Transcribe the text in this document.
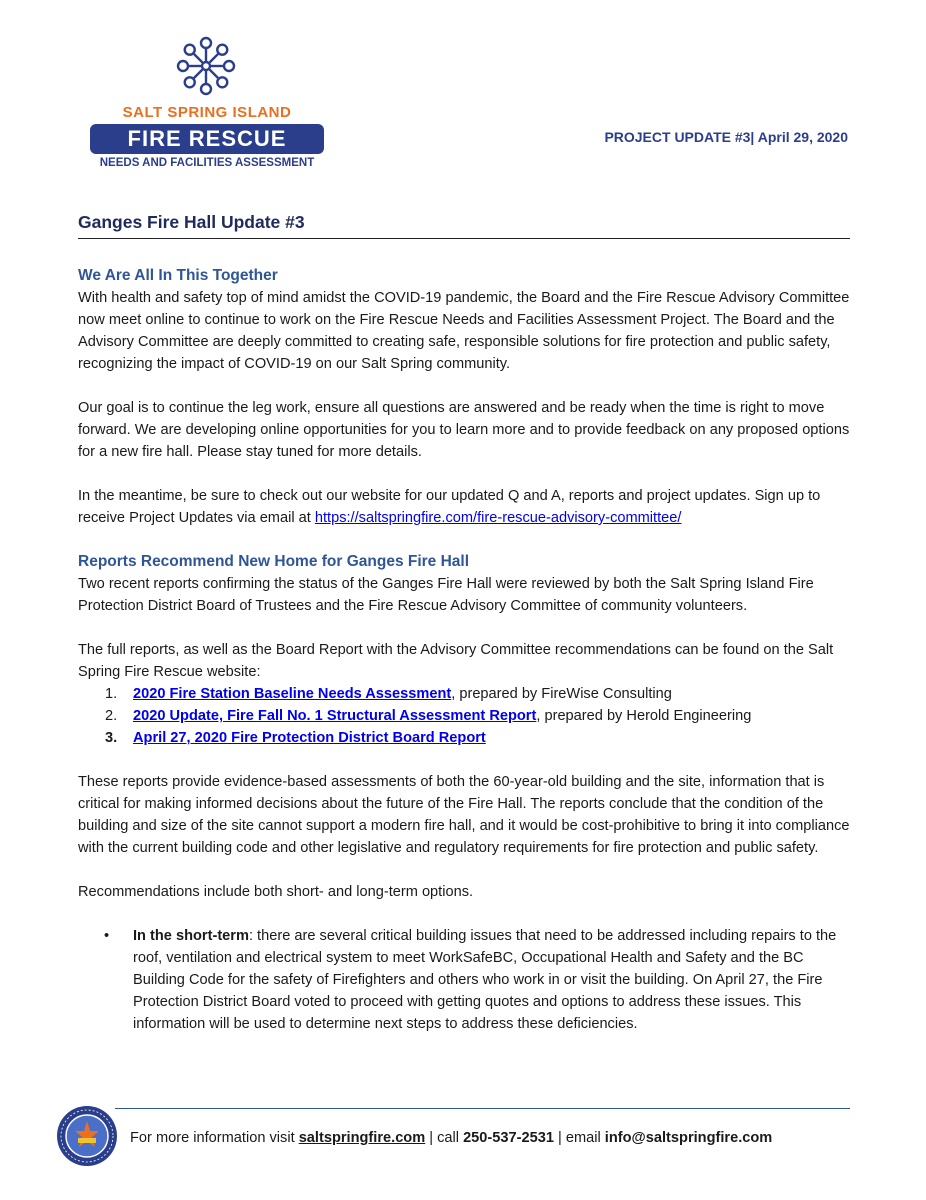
SALT SPRING ISLAND
FIRE RESCUE
NEEDS AND FACILITIES ASSESSMENT
PROJECT UPDATE #3| April 29, 2020
Ganges Fire Hall Update #3
We Are All In This Together

With health and safety top of mind amidst the COVID-19 pandemic, the Board and the Fire Rescue Advisory Committee now meet online to continue to work on the Fire Rescue Needs and Facilities Assessment Project. The Board and the Advisory Committee are deeply committed to creating safe, responsible solutions for fire protection and public safety, recognizing the impact of COVID-19 on our Salt Spring community.

Our goal is to continue the leg work, ensure all questions are answered and be ready when the time is right to move forward. We are developing online opportunities for you to learn more and to provide feedback on any proposed options for a new fire hall. Please stay tuned for more details.

In the meantime, be sure to check out our website for our updated Q and A, reports and project updates. Sign up to receive Project Updates via email at https://saltspringfire.com/fire-rescue-advisory-committee/

Reports Recommend New Home for Ganges Fire Hall

Two recent reports confirming the status of the Ganges Fire Hall were reviewed by both the Salt Spring Island Fire Protection District Board of Trustees and the Fire Rescue Advisory Committee of community volunteers.

The full reports, as well as the Board Report with the Advisory Committee recommendations can be found on the Salt Spring Fire Rescue website:

1. 2020 Fire Station Baseline Needs Assessment, prepared by FireWise Consulting
2. 2020 Update, Fire Fall No. 1 Structural Assessment Report, prepared by Herold Engineering
3. April 27, 2020 Fire Protection District Board Report

These reports provide evidence-based assessments of both the 60-year-old building and the site, information that is critical for making informed decisions about the future of the Fire Hall. The reports conclude that the condition of the building and size of the site cannot support a modern fire hall, and it would be cost-prohibitive to bring it into compliance with the current building code and other legislative and regulatory requirements for fire protection and public safety.

Recommendations include both short- and long-term options.

• In the short-term: there are several critical building issues that need to be addressed including repairs to the roof, ventilation and electrical system to meet WorkSafeBC, Occupational Health and Safety and the BC Building Code for the safety of Firefighters and others who work in or visit the building. On April 27, the Fire Protection District Board voted to proceed with getting quotes and options to address these issues. This information will be used to determine next steps to address these deficiencies.
For more information visit saltspringfire.com | call 250-537-2531 | email info@saltspringfire.com
